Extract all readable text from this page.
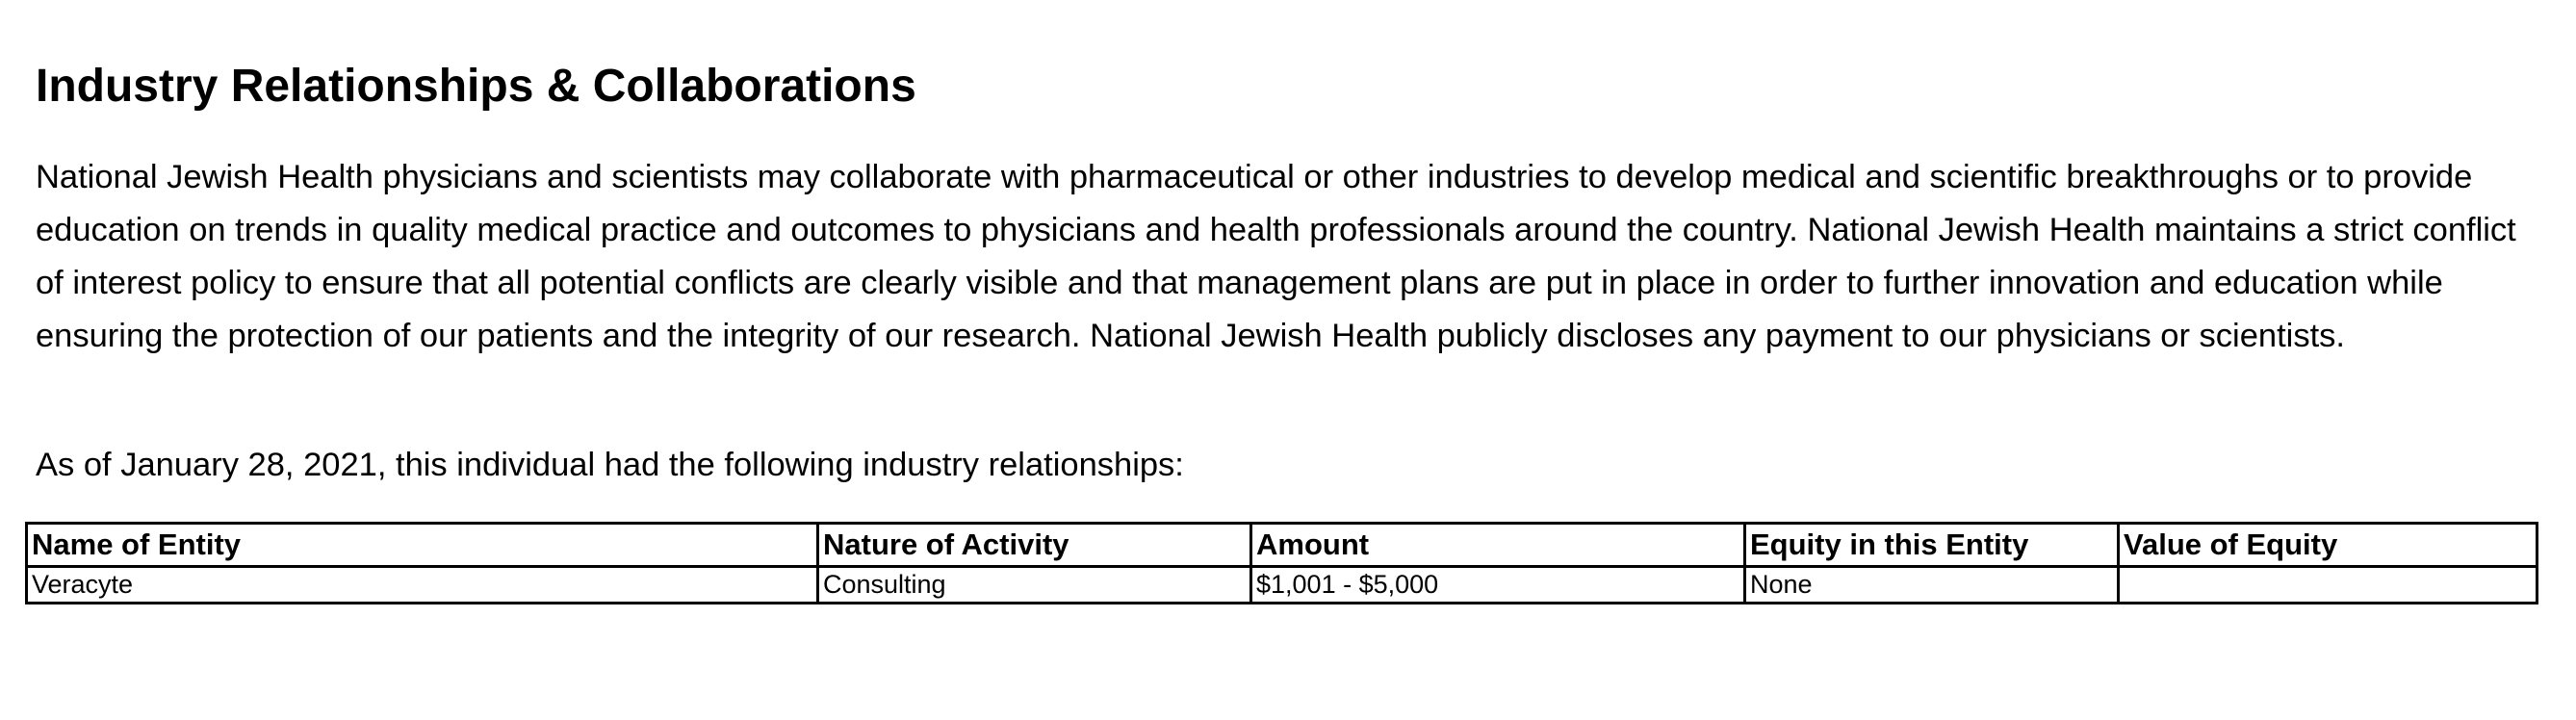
Industry Relationships & Collaborations

National Jewish Health physicians and scientists may collaborate with pharmaceutical or other industries to develop medical and scientific breakthroughs or to provide education on trends in quality medical practice and outcomes to physicians and health professionals around the country. National Jewish Health maintains a strict conflict of interest policy to ensure that all potential conflicts are clearly visible and that management plans are put in place in order to further innovation and education while ensuring the protection of our patients and the integrity of our research. National Jewish Health publicly discloses any payment to our physicians or scientists.

As of January 28, 2021, this individual had the following industry relationships:

Name of Entity	Nature of Activity	Amount	Equity in this Entity	Value of Equity
Veracyte	Consulting	$1,001 - $5,000	None	
